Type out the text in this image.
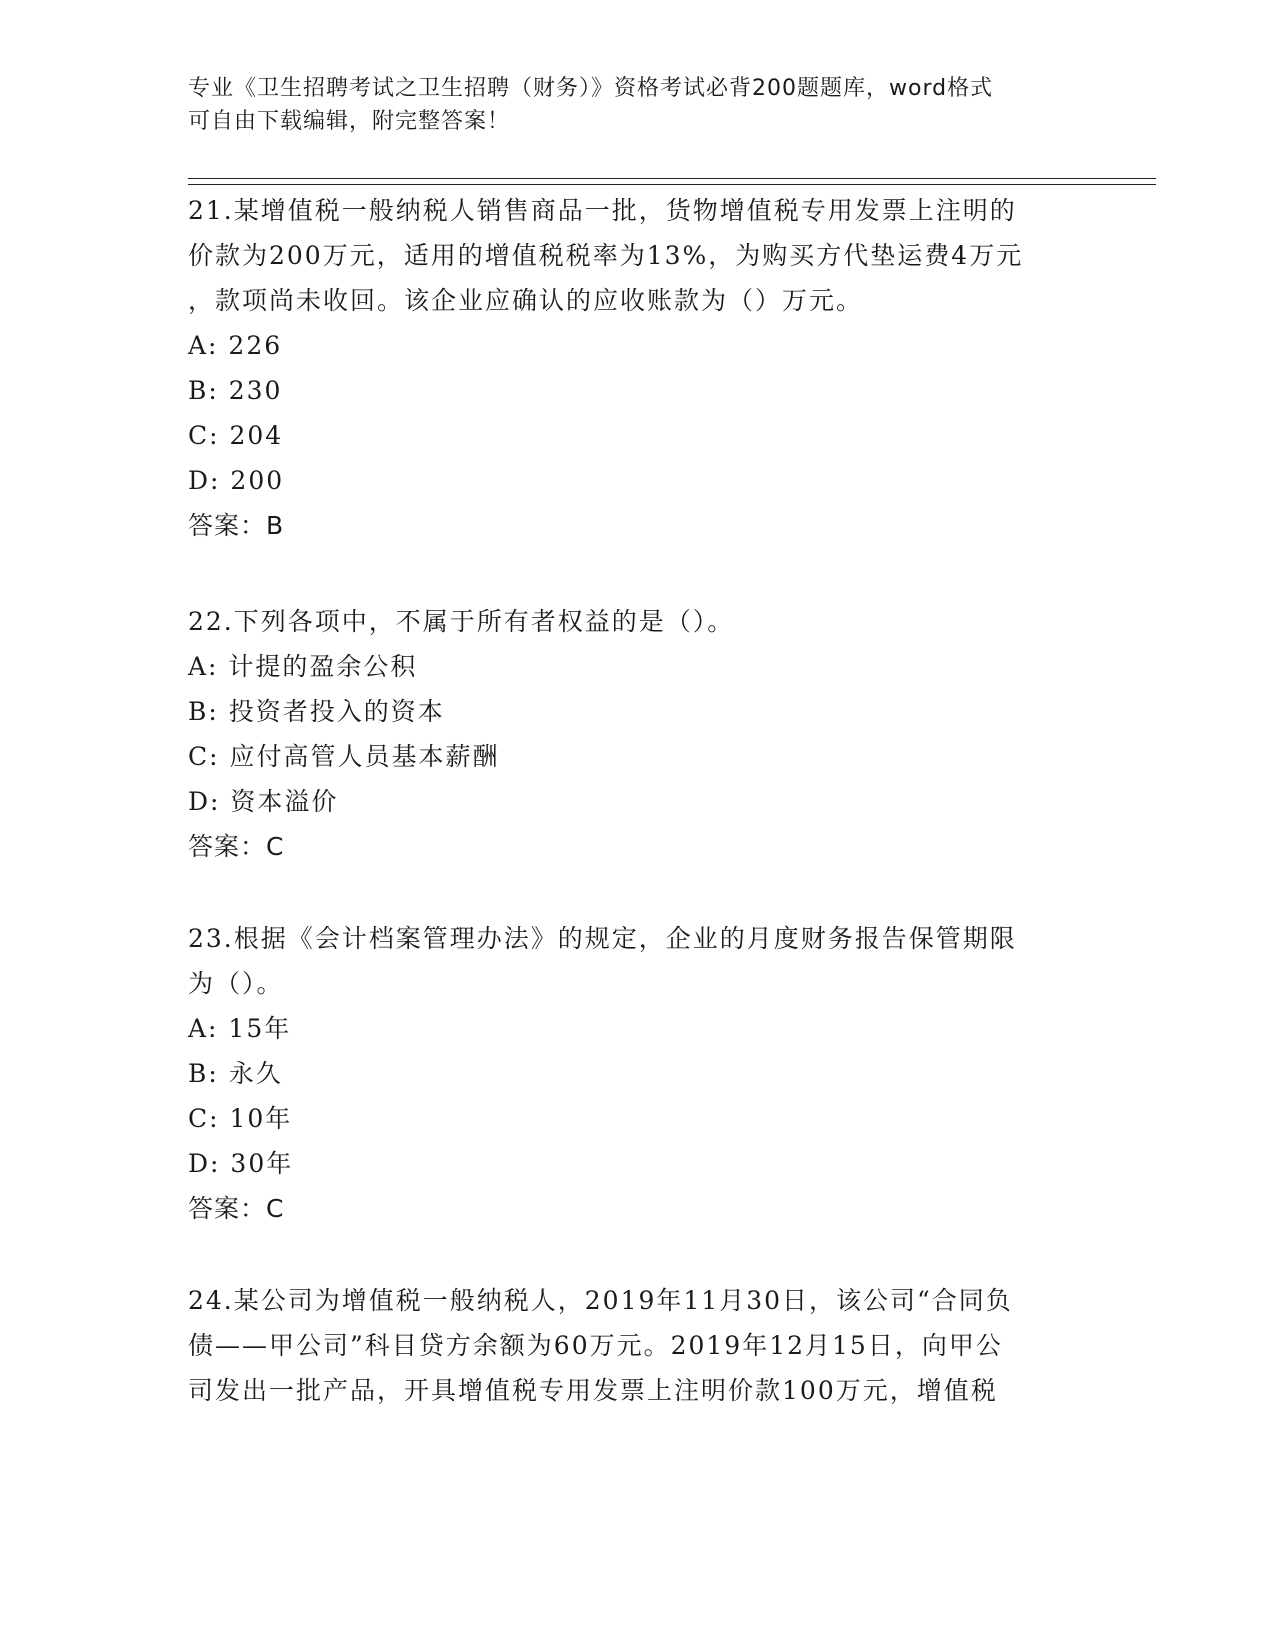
专业《卫生招聘考试之卫生招聘（财务）》资格考试必背200题题库，word格式
可自由下载编辑，附完整答案！

21.某增值税一般纳税人销售商品一批，货物增值税专用发票上注明的

价款为200万元，适用的增值税税率为13%，为购买方代垫运费4万元

，款项尚未收回。该企业应确认的应收账款为（）万元。

A: 226

B: 230

C: 204

D: 200

答案：B

22.下列各项中，不属于所有者权益的是（）。

A: 计提的盈余公积

B: 投资者投入的资本

C: 应付高管人员基本薪酬

D: 资本溢价

答案：C

23.根据《会计档案管理办法》的规定，企业的月度财务报告保管期限

为（）。

A: 15年

B: 永久

C: 10年

D: 30年

答案：C

24.某公司为增值税一般纳税人，2019年11月30日，该公司“合同负

债——甲公司”科目贷方余额为60万元。2019年12月15日，向甲公

司发出一批产品，开具增值税专用发票上注明价款100万元，增值税
